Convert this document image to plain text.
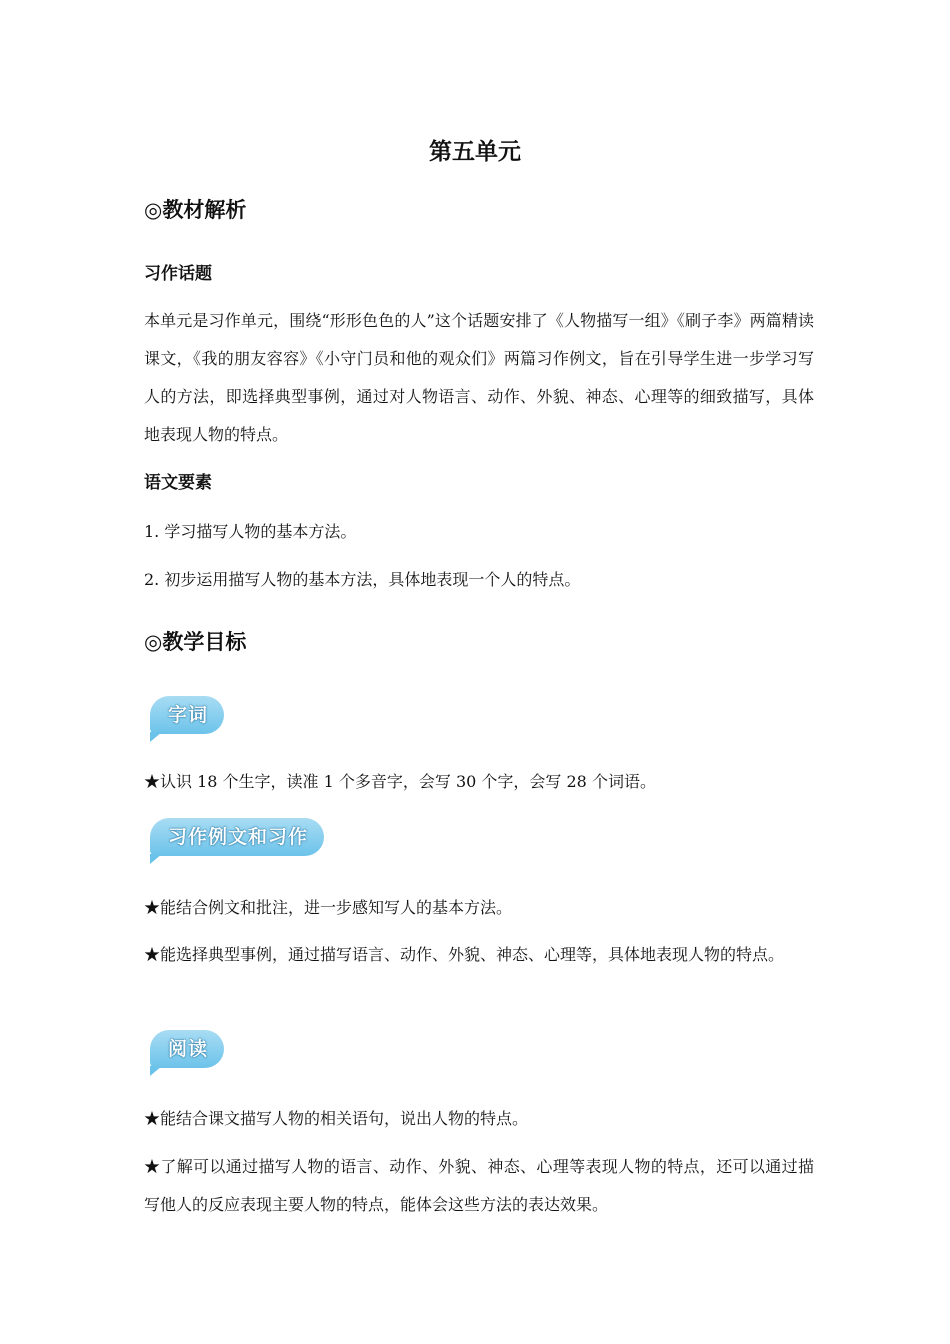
第五单元
◎教材解析
习作话题
本单元是习作单元，围绕“形形色色的人”这个话题安排了《人物描写一组》《刷子李》两篇精读课文，《我的朋友容容》《小守门员和他的观众们》两篇习作例文，旨在引导学生进一步学习写人的方法，即选择典型事例，通过对人物语言、动作、外貌、神态、心理等的细致描写，具体地表现人物的特点。
语文要素
1. 学习描写人物的基本方法。
2. 初步运用描写人物的基本方法，具体地表现一个人的特点。
◎教学目标
字词
★认识 18 个生字，读准 1 个多音字，会写 30 个字，会写 28 个词语。
习作例文和习作
★能结合例文和批注，进一步感知写人的基本方法。
★能选择典型事例，通过描写语言、动作、外貌、神态、心理等，具体地表现人物的特点。
阅读
★能结合课文描写人物的相关语句，说出人物的特点。
★了解可以通过描写人物的语言、动作、外貌、神态、心理等表现人物的特点，还可以通过描写他人的反应表现主要人物的特点，能体会这些方法的表达效果。
